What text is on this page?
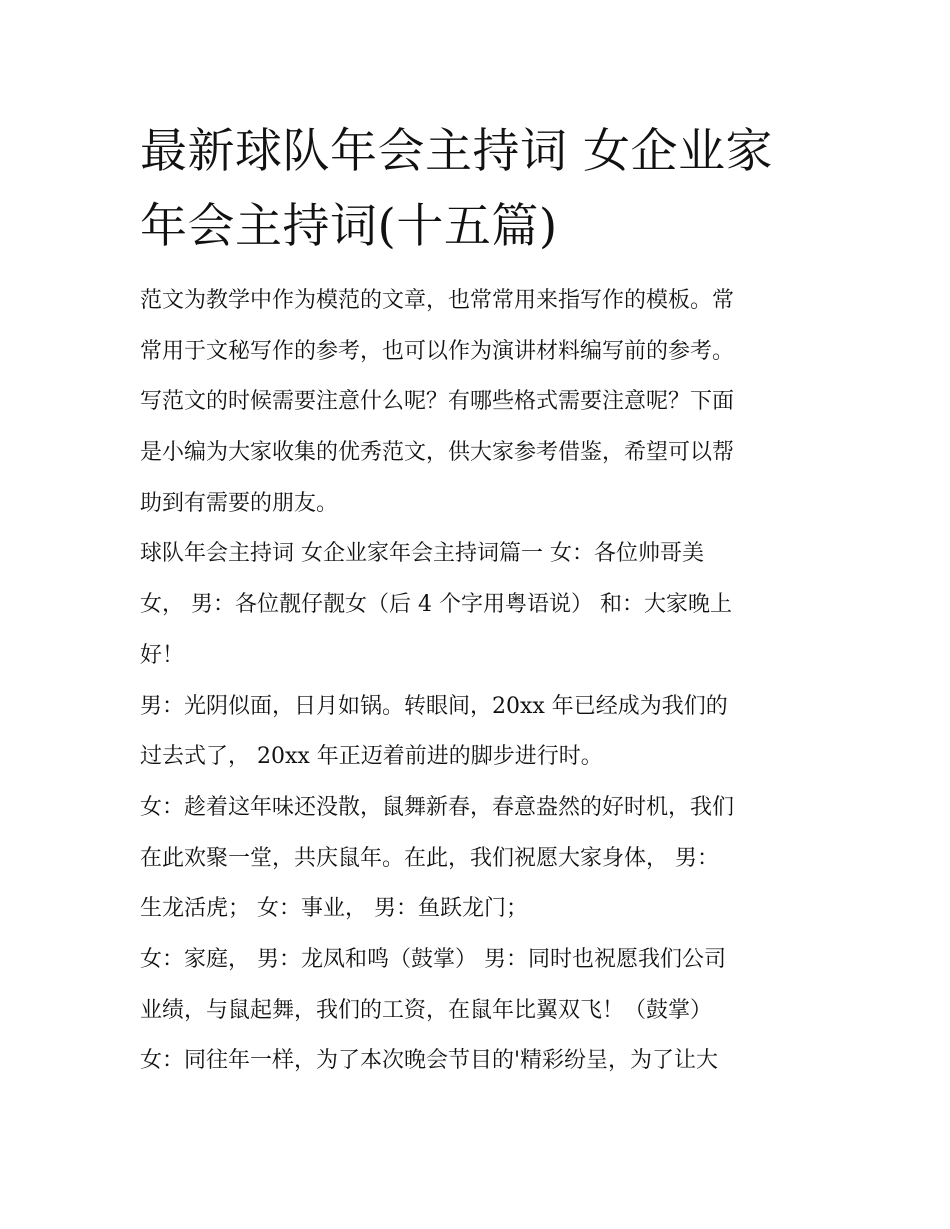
最新球队年会主持词 女企业家
年会主持词(十五篇)
范文为教学中作为模范的文章，也常常用来指写作的模板。常
常用于文秘写作的参考，也可以作为演讲材料编写前的参考。
写范文的时候需要注意什么呢？有哪些格式需要注意呢？下面
是小编为大家收集的优秀范文，供大家参考借鉴，希望可以帮
助到有需要的朋友。
球队年会主持词 女企业家年会主持词篇一 女：各位帅哥美
女， 男：各位靓仔靓女（后 4 个字用粤语说） 和：大家晚上
好！
男：光阴似面，日月如锅。转眼间，20xx 年已经成为我们的
过去式了， 20xx 年正迈着前进的脚步进行时。
女：趁着这年味还没散，鼠舞新春，春意盎然的好时机，我们
在此欢聚一堂，共庆鼠年。在此，我们祝愿大家身体， 男：
生龙活虎； 女：事业， 男：鱼跃龙门；
女：家庭， 男：龙凤和鸣（鼓掌） 男：同时也祝愿我们公司
业绩，与鼠起舞，我们的工资，在鼠年比翼双飞！（鼓掌）
女：同往年一样，为了本次晚会节目的'精彩纷呈，为了让大
